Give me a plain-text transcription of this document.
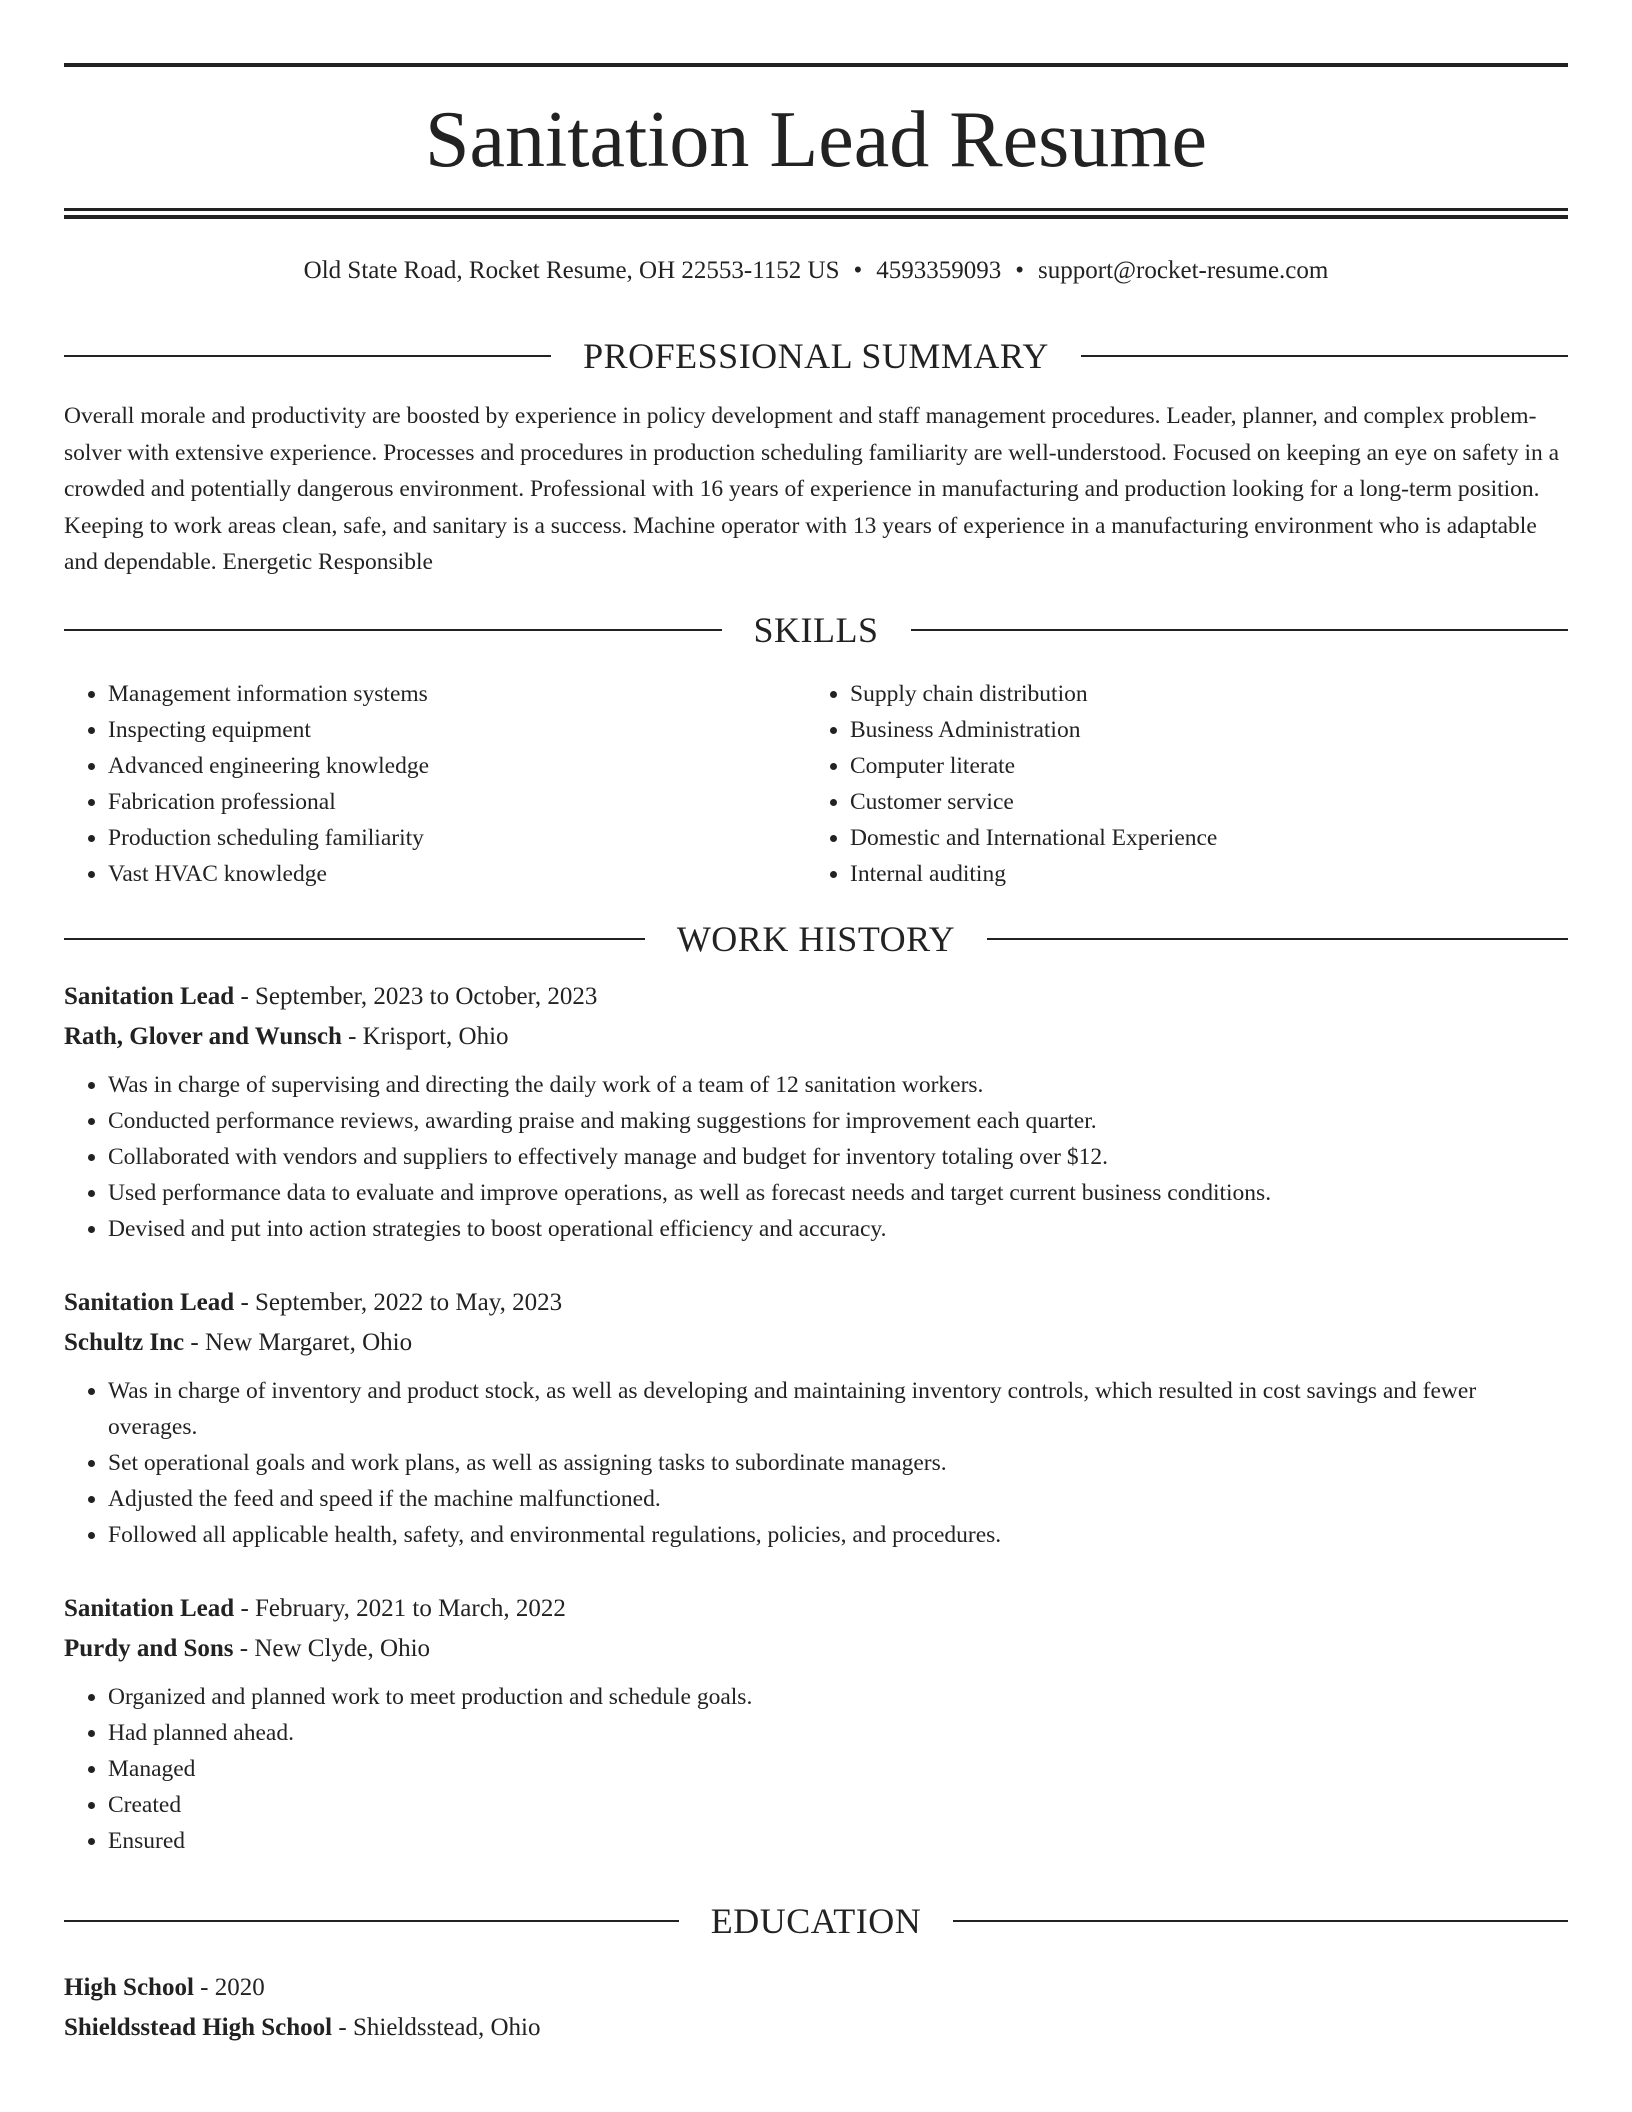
Sanitation Lead Resume
Old State Road, Rocket Resume, OH 22553-1152 US • 4593359093 • support@rocket-resume.com
PROFESSIONAL SUMMARY

Overall morale and productivity are boosted by experience in policy development and staff management procedures. Leader, planner, and complex problem-solver with extensive experience. Processes and procedures in production scheduling familiarity are well-understood. Focused on keeping an eye on safety in a crowded and potentially dangerous environment. Professional with 16 years of experience in manufacturing and production looking for a long-term position. Keeping to work areas clean, safe, and sanitary is a success. Machine operator with 13 years of experience in a manufacturing environment who is adaptable and dependable. Energetic Responsible

SKILLS
• Management information systems
• Inspecting equipment
• Advanced engineering knowledge
• Fabrication professional
• Production scheduling familiarity
• Vast HVAC knowledge
• Supply chain distribution
• Business Administration
• Computer literate
• Customer service
• Domestic and International Experience
• Internal auditing
WORK HISTORY
Sanitation Lead - September, 2023 to October, 2023
Rath, Glover and Wunsch - Krisport, Ohio
• Was in charge of supervising and directing the daily work of a team of 12 sanitation workers.
• Conducted performance reviews, awarding praise and making suggestions for improvement each quarter.
• Collaborated with vendors and suppliers to effectively manage and budget for inventory totaling over $12.
• Used performance data to evaluate and improve operations, as well as forecast needs and target current business conditions.
• Devised and put into action strategies to boost operational efficiency and accuracy.
Sanitation Lead - September, 2022 to May, 2023
Schultz Inc - New Margaret, Ohio
• Was in charge of inventory and product stock, as well as developing and maintaining inventory controls, which resulted in cost savings and fewer overages.
• Set operational goals and work plans, as well as assigning tasks to subordinate managers.
• Adjusted the feed and speed if the machine malfunctioned.
• Followed all applicable health, safety, and environmental regulations, policies, and procedures.
Sanitation Lead - February, 2021 to March, 2022
Purdy and Sons - New Clyde, Ohio
• Organized and planned work to meet production and schedule goals.
• Had planned ahead.
• Managed
• Created
• Ensured
EDUCATION
High School - 2020
Shieldsstead High School - Shieldsstead, Ohio
